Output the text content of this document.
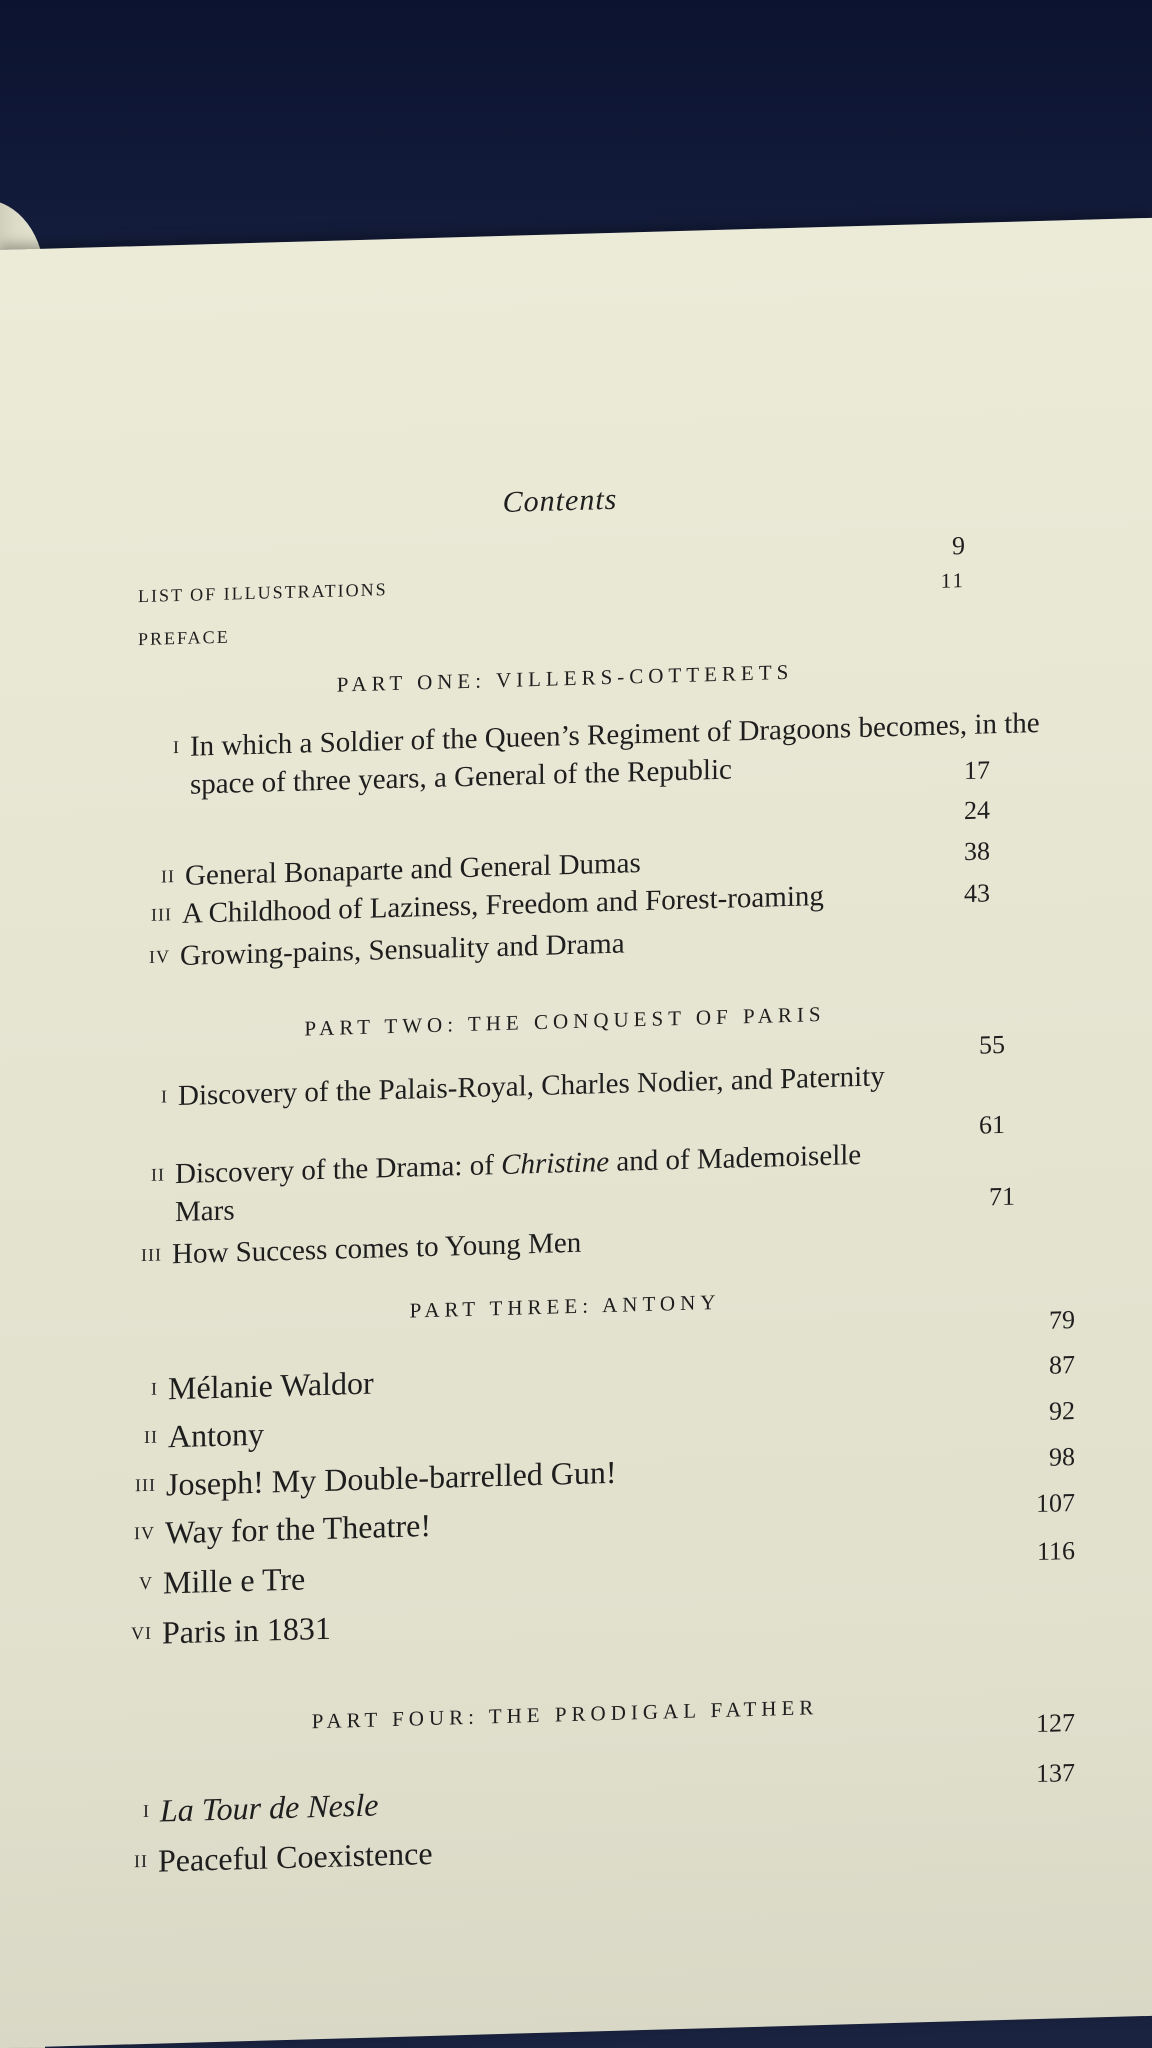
Contents
LIST OF ILLUSTRATIONS
9
PREFACE
11
PART ONE: VILLERS-COTTERETS
I In which a Soldier of the Queen’s Regiment of Dragoons becomes, in the space of three years, a General of the Republic	17
II General Bonaparte and General Dumas
24
III A Childhood of Laziness, Freedom and Forest-roaming
38
IV Growing-pains, Sensuality and Drama
43
PART TWO: THE CONQUEST OF PARIS
I Discovery of the Palais-Royal, Charles Nodier, and Paternity
55
II Discovery of the Drama: of Christine and of Mademoiselle Mars
61
III How Success comes to Young Men
71
PART THREE: ANTONY
I Mélanie Waldor
79
II Antony
87
III Joseph! My Double-barrelled Gun!
92
IV Way for the Theatre!
98
V Mille e Tre
107
VI Paris in 1831
116
PART FOUR: THE PRODIGAL FATHER
I La Tour de Nesle
127
II Peaceful Coexistence
137
